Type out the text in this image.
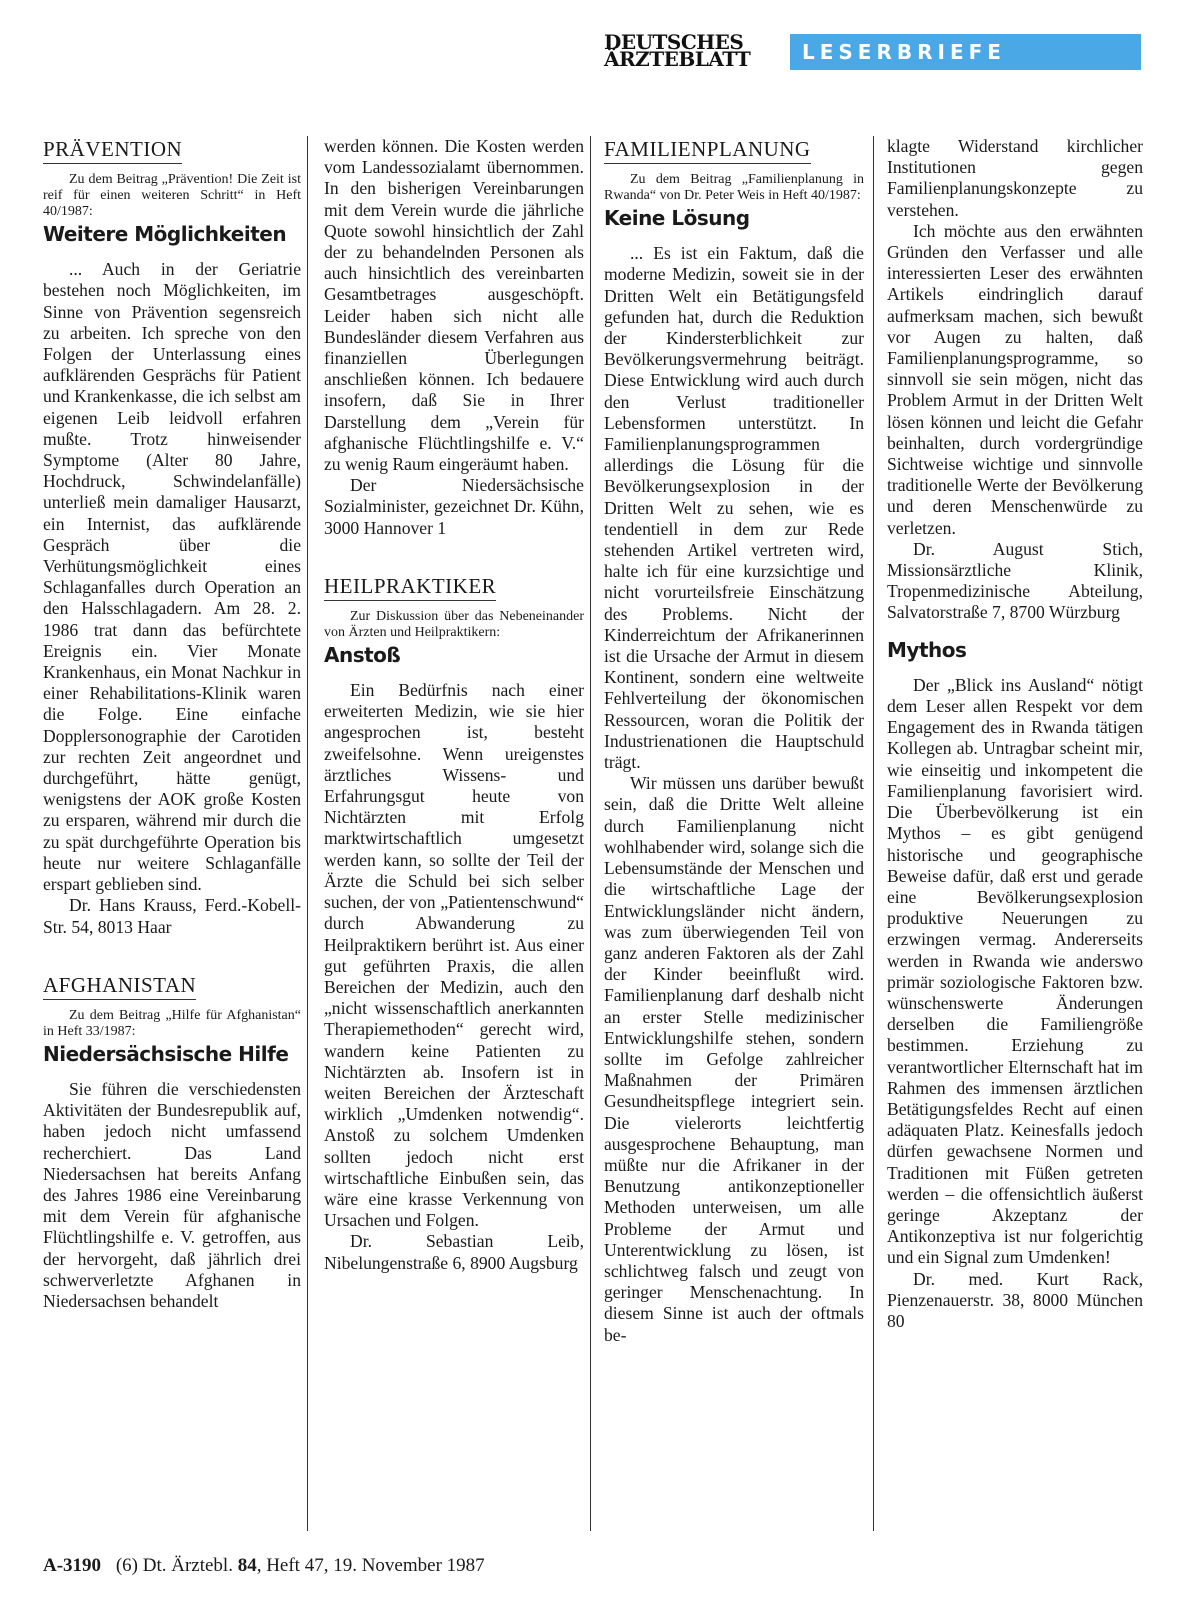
DEUTSCHES
ÄRZTEBLATT	LESERBRIEFE
PRÄVENTION

Zu dem Beitrag „Prävention! Die Zeit ist reif für einen weiteren Schritt“ in Heft 40/1987:

Weitere Möglichkeiten

... Auch in der Geriatrie bestehen noch Möglichkeiten, im Sinne von Prävention segensreich zu arbeiten. Ich spreche von den Folgen der Unterlassung eines aufklärenden Gesprächs für Patient und Krankenkasse, die ich selbst am eigenen Leib leidvoll erfahren mußte. Trotz hinweisender Symptome (Alter 80 Jahre, Hochdruck, Schwindelanfälle) unterließ mein damaliger Hausarzt, ein Internist, das aufklärende Gespräch über die Verhütungsmöglichkeit eines Schlaganfalles durch Operation an den Halsschlagadern. Am 28. 2. 1986 trat dann das befürchtete Ereignis ein. Vier Monate Krankenhaus, ein Monat Nachkur in einer Rehabilitations-Klinik waren die Folge. Eine einfache Dopplersonographie der Carotiden zur rechten Zeit angeordnet und durchgeführt, hätte genügt, wenigstens der AOK große Kosten zu ersparen, während mir durch die zu spät durchgeführte Operation bis heute nur weitere Schlaganfälle erspart geblieben sind.

Dr. Hans Krauss, Ferd.-Kobell-Str. 54, 8013 Haar

AFGHANISTAN

Zu dem Beitrag „Hilfe für Afghanistan“ in Heft 33/1987:

Niedersächsische Hilfe

Sie führen die verschiedensten Aktivitäten der Bundesrepublik auf, haben jedoch nicht umfassend recherchiert. Das Land Niedersachsen hat bereits Anfang des Jahres 1986 eine Vereinbarung mit dem Verein für afghanische Flüchtlingshilfe e. V. getroffen, aus der hervorgeht, daß jährlich drei schwerverletzte Afghanen in Niedersachsen behandelt

werden können. Die Kosten werden vom Landessozialamt übernommen. In den bisherigen Vereinbarungen mit dem Verein wurde die jährliche Quote sowohl hinsichtlich der Zahl der zu behandelnden Personen als auch hinsichtlich des vereinbarten Gesamtbetrages ausgeschöpft. Leider haben sich nicht alle Bundesländer diesem Verfahren aus finanziellen Überlegungen anschließen können. Ich bedauere insofern, daß Sie in Ihrer Darstellung dem „Verein für afghanische Flüchtlingshilfe e. V.“ zu wenig Raum eingeräumt haben.

Der Niedersächsische Sozialminister, gezeichnet Dr. Kühn, 3000 Hannover 1

HEILPRAKTIKER

Zur Diskussion über das Nebeneinander von Ärzten und Heilpraktikern:

Anstoß

Ein Bedürfnis nach einer erweiterten Medizin, wie sie hier angesprochen ist, besteht zweifelsohne. Wenn ureigenstes ärztliches Wissens- und Erfahrungsgut heute von Nichtärzten mit Erfolg marktwirtschaftlich umgesetzt werden kann, so sollte der Teil der Ärzte die Schuld bei sich selber suchen, der von „Patientenschwund“ durch Abwanderung zu Heilpraktikern berührt ist. Aus einer gut geführten Praxis, die allen Bereichen der Medizin, auch den „nicht wissenschaftlich anerkannten Therapiemethoden“ gerecht wird, wandern keine Patienten zu Nichtärzten ab. Insofern ist in weiten Bereichen der Ärzteschaft wirklich „Umdenken notwendig“. Anstoß zu solchem Umdenken sollten jedoch nicht erst wirtschaftliche Einbußen sein, das wäre eine krasse Verkennung von Ursachen und Folgen.

Dr. Sebastian Leib, Nibelungenstraße 6, 8900 Augsburg

FAMILIENPLANUNG

Zu dem Beitrag „Familienplanung in Rwanda“ von Dr. Peter Weis in Heft 40/1987:

Keine Lösung

... Es ist ein Faktum, daß die moderne Medizin, soweit sie in der Dritten Welt ein Betätigungsfeld gefunden hat, durch die Reduktion der Kindersterblichkeit zur Bevölkerungsvermehrung beiträgt. Diese Entwicklung wird auch durch den Verlust traditioneller Lebensformen unterstützt. In Familienplanungsprogrammen allerdings die Lösung für die Bevölkerungsexplosion in der Dritten Welt zu sehen, wie es tendentiell in dem zur Rede stehenden Artikel vertreten wird, halte ich für eine kurzsichtige und nicht vorurteilsfreie Einschätzung des Problems. Nicht der Kinderreichtum der Afrikanerinnen ist die Ursache der Armut in diesem Kontinent, sondern eine weltweite Fehlverteilung der ökonomischen Ressourcen, woran die Politik der Industrienationen die Hauptschuld trägt.

Wir müssen uns darüber bewußt sein, daß die Dritte Welt alleine durch Familienplanung nicht wohlhabender wird, solange sich die Lebensumstände der Menschen und die wirtschaftliche Lage der Entwicklungsländer nicht ändern, was zum überwiegenden Teil von ganz anderen Faktoren als der Zahl der Kinder beeinflußt wird. Familienplanung darf deshalb nicht an erster Stelle medizinischer Entwicklungshilfe stehen, sondern sollte im Gefolge zahlreicher Maßnahmen der Primären Gesundheitspflege integriert sein. Die vielerorts leichtfertig ausgesprochene Behauptung, man müßte nur die Afrikaner in der Benutzung antikonzeptioneller Methoden unterweisen, um alle Probleme der Armut und Unterentwicklung zu lösen, ist schlichtweg falsch und zeugt von geringer Menschenachtung. In diesem Sinne ist auch der oftmals be-

klagte Widerstand kirchlicher Institutionen gegen Familienplanungskonzepte zu verstehen.

Ich möchte aus den erwähnten Gründen den Verfasser und alle interessierten Leser des erwähnten Artikels eindringlich darauf aufmerksam machen, sich bewußt vor Augen zu halten, daß Familienplanungsprogramme, so sinnvoll sie sein mögen, nicht das Problem Armut in der Dritten Welt lösen können und leicht die Gefahr beinhalten, durch vordergründige Sichtweise wichtige und sinnvolle traditionelle Werte der Bevölkerung und deren Menschenwürde zu verletzen.

Dr. August Stich, Missionsärztliche Klinik, Tropenmedizinische Abteilung, Salvatorstraße 7, 8700 Würzburg

Mythos

Der „Blick ins Ausland“ nötigt dem Leser allen Respekt vor dem Engagement des in Rwanda tätigen Kollegen ab. Untragbar scheint mir, wie einseitig und inkompetent die Familienplanung favorisiert wird. Die Überbevölkerung ist ein Mythos – es gibt genügend historische und geographische Beweise dafür, daß erst und gerade eine Bevölkerungsexplosion produktive Neuerungen zu erzwingen vermag. Andererseits werden in Rwanda wie anderswo primär soziologische Faktoren bzw. wünschenswerte Änderungen derselben die Familiengröße bestimmen. Erziehung zu verantwortlicher Elternschaft hat im Rahmen des immensen ärztlichen Betätigungsfeldes Recht auf einen adäquaten Platz. Keinesfalls jedoch dürfen gewachsene Normen und Traditionen mit Füßen getreten werden – die offensichtlich äußerst geringe Akzeptanz der Antikonzeptiva ist nur folgerichtig und ein Signal zum Umdenken!

Dr. med. Kurt Rack, Pienzenauerstr. 38, 8000 München 80

A-3190 (6) Dt. Ärztebl. 84, Heft 47, 19. November 1987
